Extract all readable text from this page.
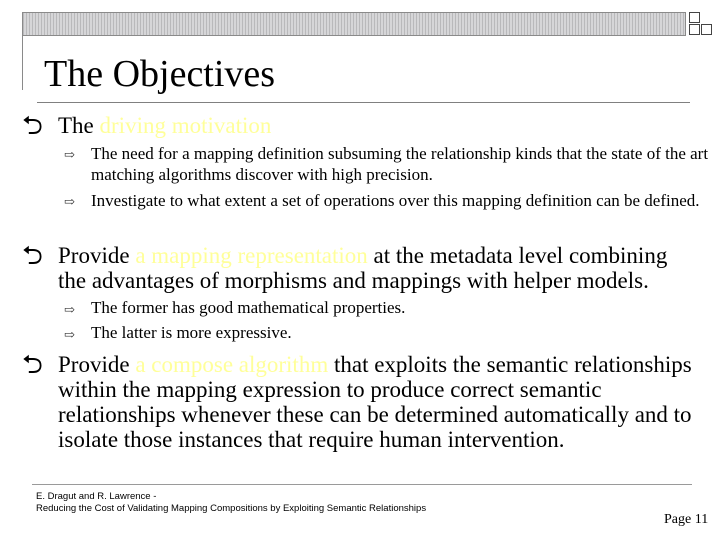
The Objectives
⮌ The driving motivation
⇨ The need for a mapping definition subsuming the relationship kinds that the state of the art matching algorithms discover with high precision.
⇨ Investigate to what extent a set of operations over this mapping definition can be defined.
⮌ Provide a mapping representation at the metadata level combining the advantages of morphisms and mappings with helper models.
⇨ The former has good mathematical properties.
⇨ The latter is more expressive.
⮌ Provide a compose algorithm that exploits the semantic relationships within the mapping expression to produce correct semantic relationships whenever these can be determined automatically and to isolate those instances that require human intervention.
E. Dragut and R. Lawrence -
Reducing the Cost of Validating Mapping Compositions by Exploiting Semantic Relationships
Page 11
